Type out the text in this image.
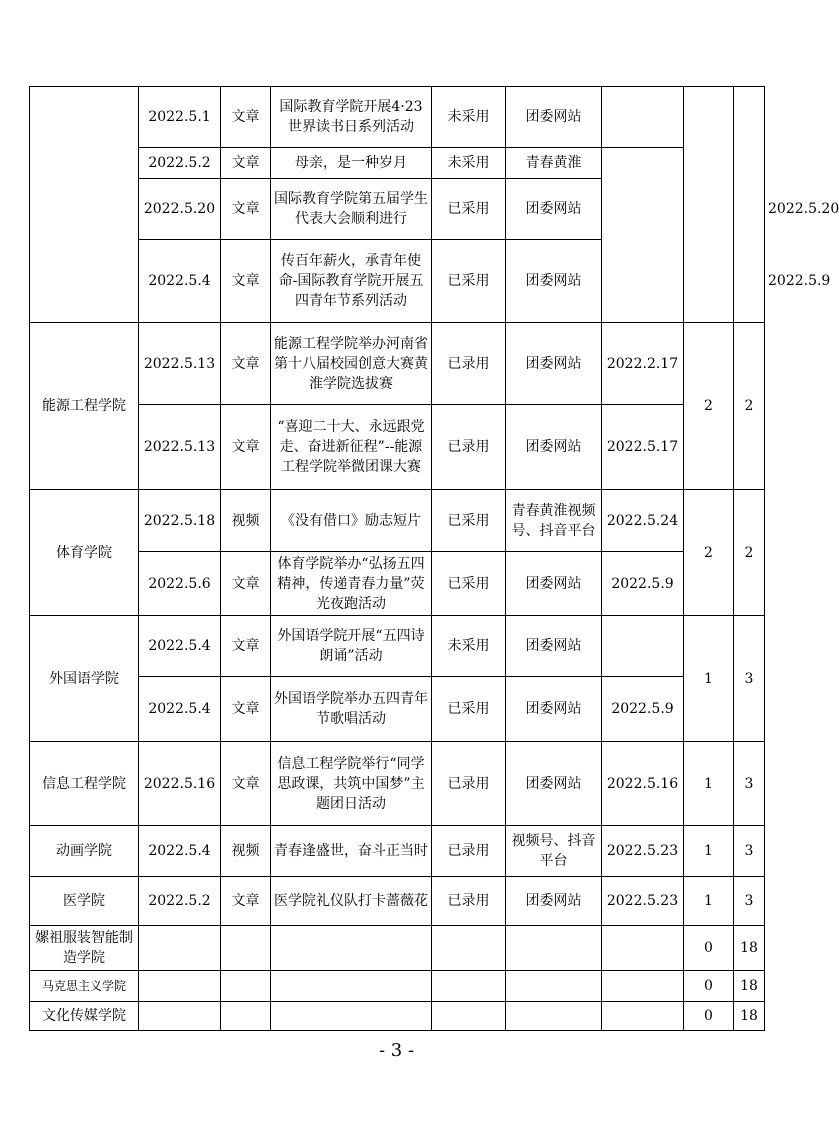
	2022.5.1	文章	国际教育学院开展4·23世界读书日系列活动	未采用	团委网站				
	2022.5.2	文章	母亲，是一种岁月	未采用	青春黄淮				
	2022.5.20	文章	国际教育学院第五届学生代表大会顺利进行	已采用	团委网站				2022.5.20
	2022.5.4	文章	传百年薪火，承青年使命-国际教育学院开展五四青年节系列活动	已采用	团委网站				2022.5.9
能源工程学院	2022.5.13	文章	能源工程学院举办河南省第十八届校园创意大赛黄淮学院选拔赛	已录用	团委网站	2022.2.17	2	2	
	2022.5.13	文章	“喜迎二十大、永远跟党走、奋进新征程”--能源工程学院举微团课大赛	已录用	团委网站	2022.5.17			
体育学院	2022.5.18	视频	《没有借口》励志短片	已采用	青春黄淮视频号、抖音平台	2022.5.24	2	2	
	2022.5.6	文章	体育学院举办“弘扬五四精神，传递青春力量”荧光夜跑活动	已采用	团委网站	2022.5.9			
外国语学院	2022.5.4	文章	外国语学院开展“五四诗朗诵”活动	未采用	团委网站		1	3	
	2022.5.4	文章	外国语学院举办五四青年节歌唱活动	已采用	团委网站	2022.5.9			
信息工程学院	2022.5.16	文章	信息工程学院举行“同学思政课，共筑中国梦”主题团日活动	已录用	团委网站	2022.5.16	1	3	
动画学院	2022.5.4	视频	青春逢盛世，奋斗正当时	已录用	视频号、抖音平台	2022.5.23	1	3	
医学院	2022.5.2	文章	医学院礼仪队打卡蔷薇花	已录用	团委网站	2022.5.23	1	3	
嫘祖服装智能制造学院							0	18	
马克思主义学院							0	18	
文化传媒学院							0	18	
- 3 -
